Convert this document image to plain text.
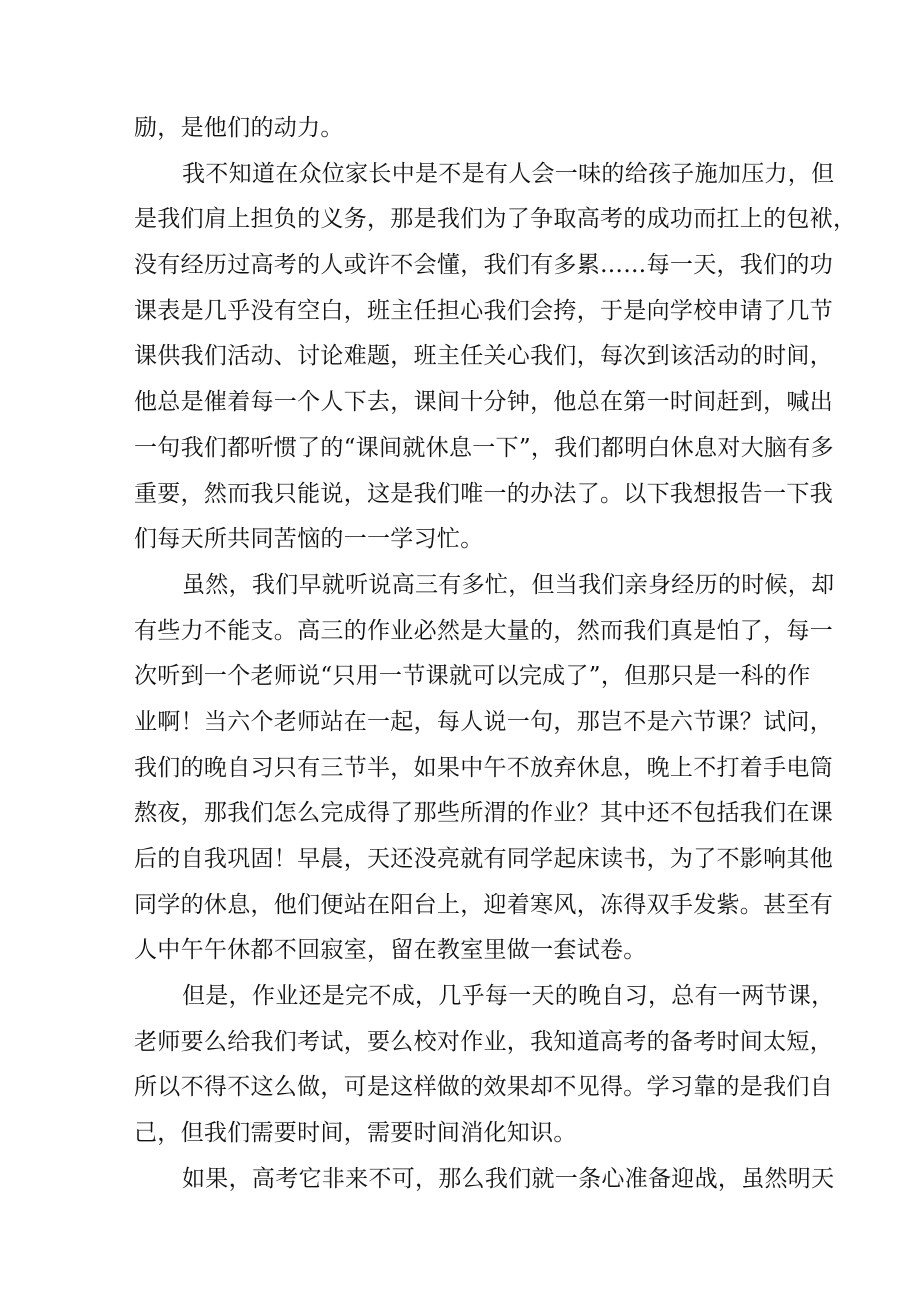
励，是他们的动力。

我不知道在众位家长中是不是有人会一味的给孩子施加压力，但
是我们肩上担负的义务，那是我们为了争取高考的成功而扛上的包袱，
没有经历过高考的人或许不会懂，我们有多累……每一天，我们的功
课表是几乎没有空白，班主任担心我们会挎，于是向学校申请了几节
课供我们活动、讨论难题，班主任关心我们，每次到该活动的时间，
他总是催着每一个人下去，课间十分钟，他总在第一时间赶到，喊出
一句我们都听惯了的“课间就休息一下”，我们都明白休息对大脑有多
重要，然而我只能说，这是我们唯一的办法了。以下我想报告一下我
们每天所共同苦恼的一一学习忙。

虽然，我们早就听说高三有多忙，但当我们亲身经历的时候，却
有些力不能支。高三的作业必然是大量的，然而我们真是怕了，每一
次听到一个老师说“只用一节课就可以完成了”，但那只是一科的作
业啊！当六个老师站在一起，每人说一句，那岂不是六节课？试问，
我们的晚自习只有三节半，如果中午不放弃休息，晚上不打着手电筒
熬夜，那我们怎么完成得了那些所渭的作业？其中还不包括我们在课
后的自我巩固！早晨，天还没亮就有同学起床读书，为了不影响其他
同学的休息，他们便站在阳台上，迎着寒风，冻得双手发紫。甚至有
人中午午休都不回寂室，留在教室里做一套试卷。

但是，作业还是完不成，几乎每一天的晚自习，总有一两节课，
老师要么给我们考试，要么校对作业，我知道高考的备考时间太短，
所以不得不这么做，可是这样做的效果却不见得。学习靠的是我们自
己，但我们需要时间，需要时间消化知识。

如果，高考它非来不可，那么我们就一条心准备迎战，虽然明天
